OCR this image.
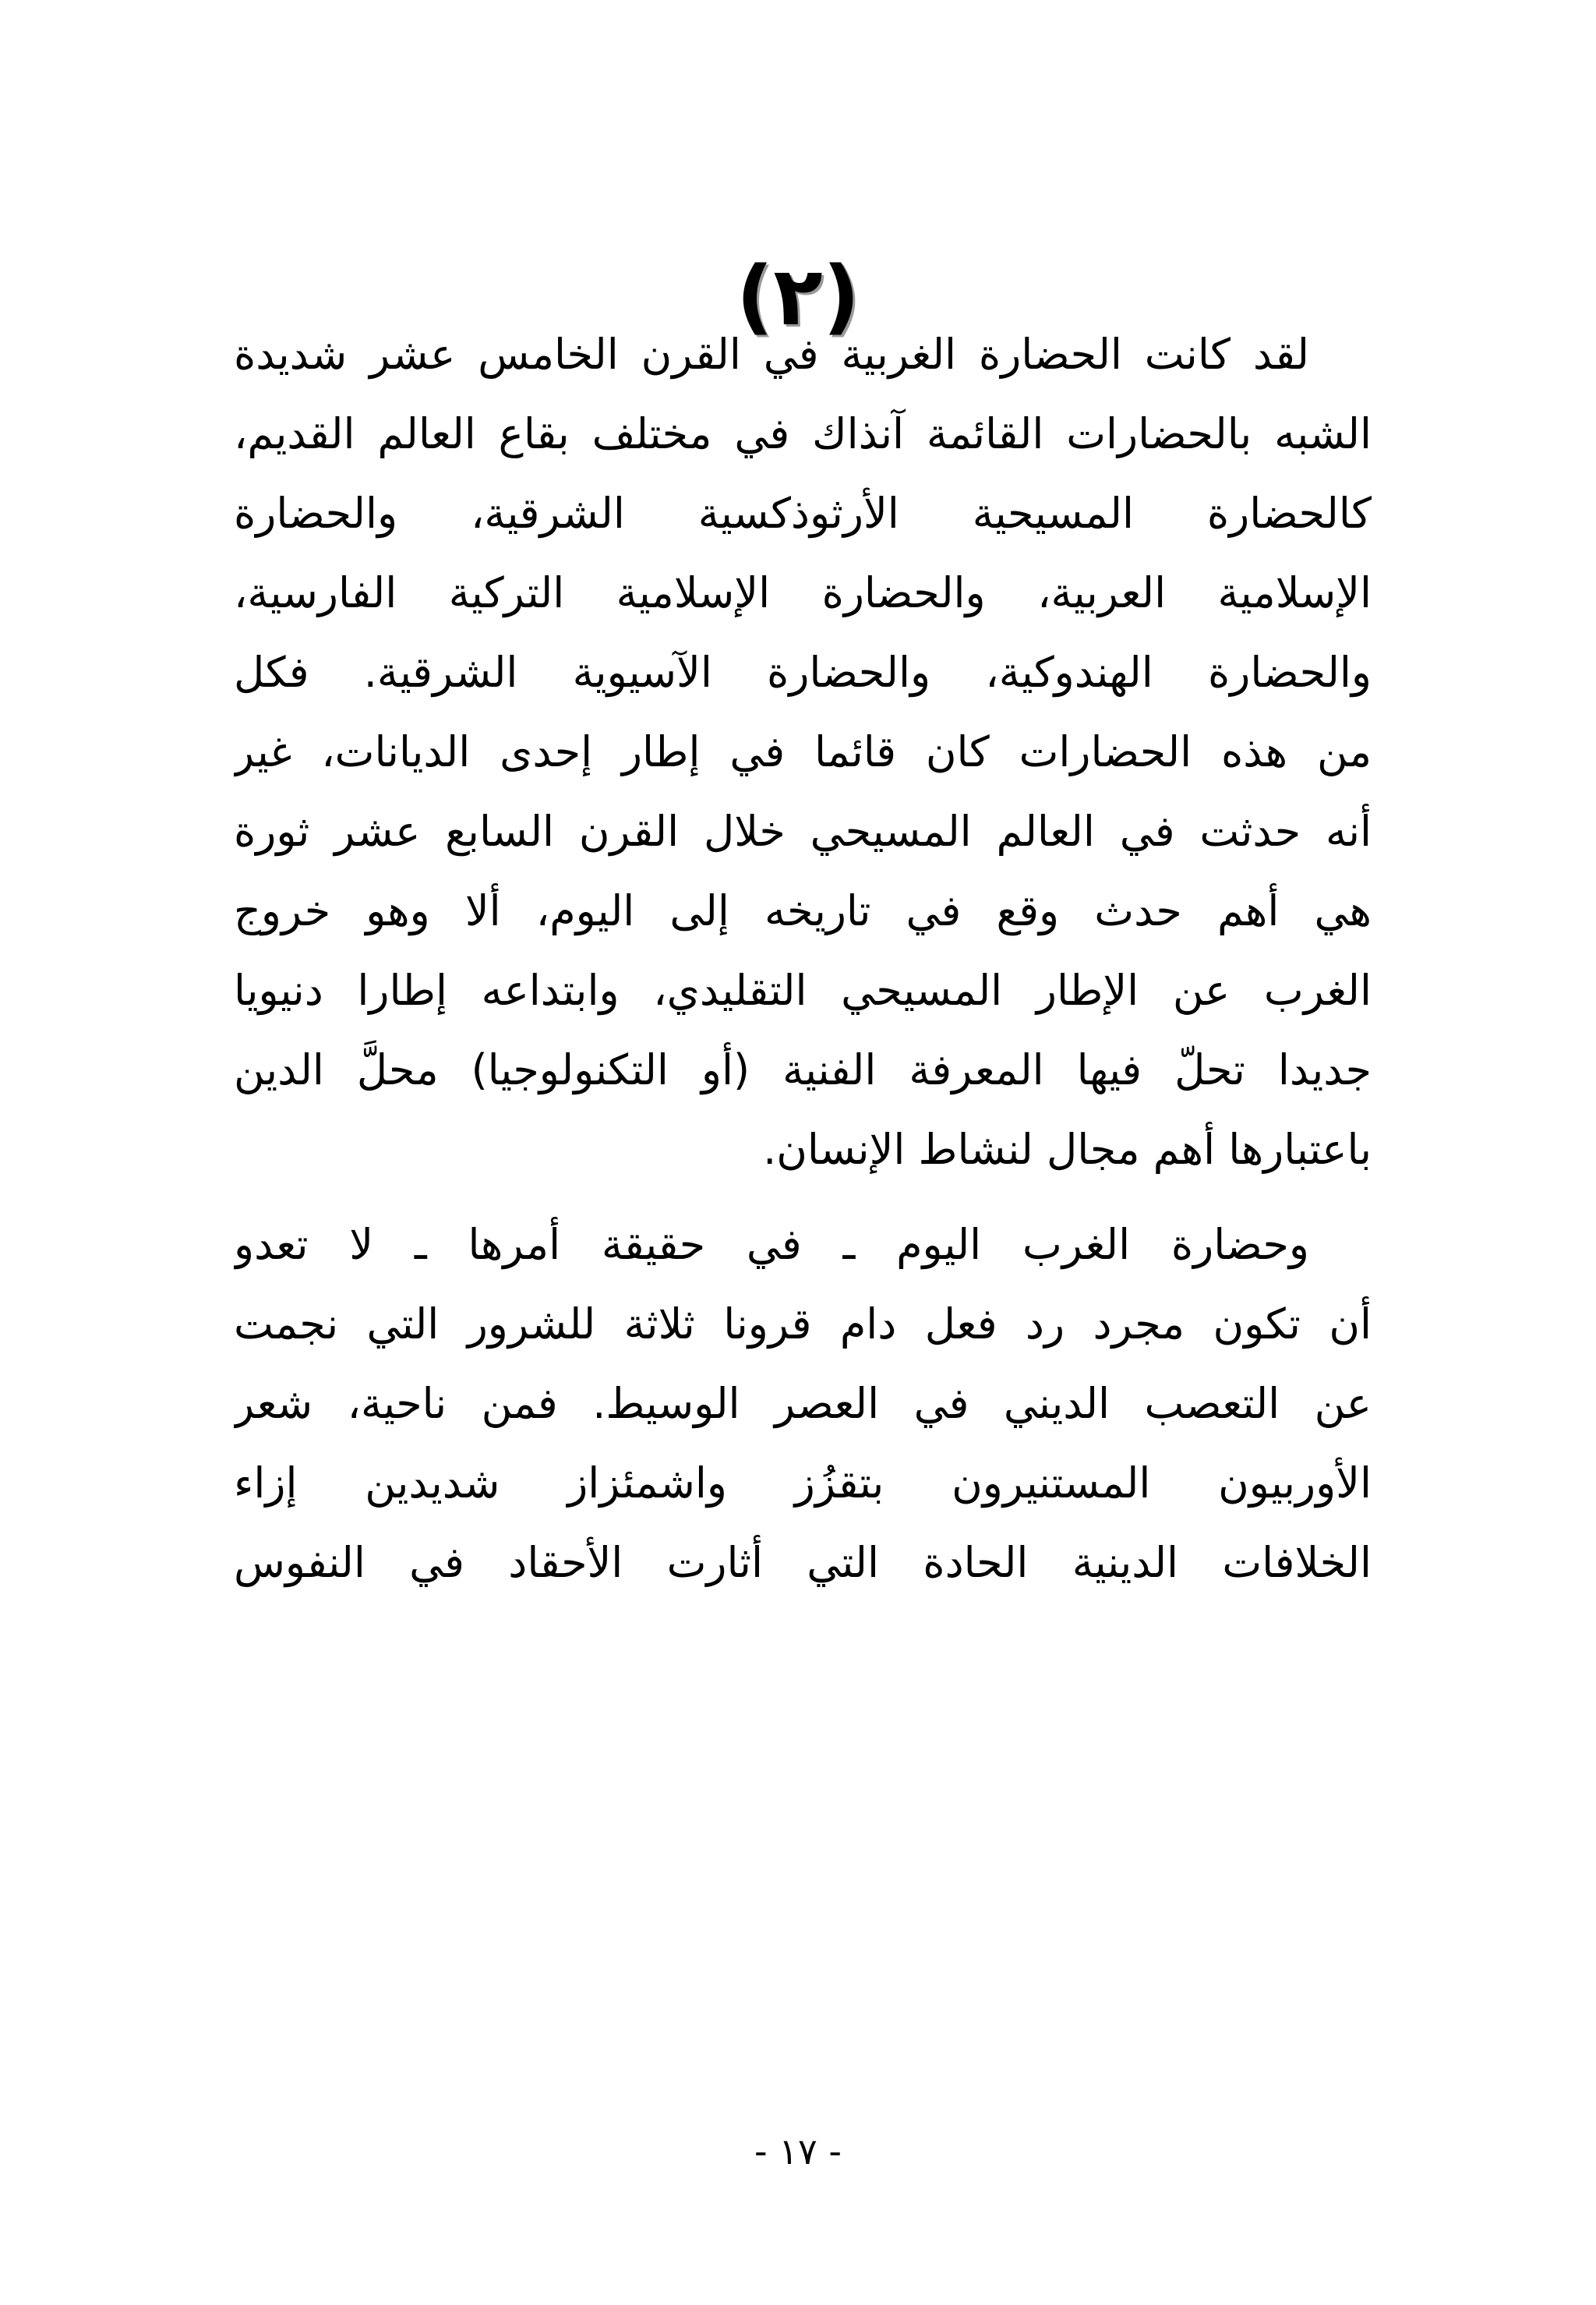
(٢)
لقد كانت الحضارة الغربية في القرن الخامس عشر شديدة
الشبه بالحضارات القائمة آنذاك في مختلف بقاع العالم القديم،
كالحضارة المسيحية الأرثوذكسية الشرقية، والحضارة
الإسلامية العربية، والحضارة الإسلامية التركية الفارسية،
والحضارة الهندوكية، والحضارة الآسيوية الشرقية. فكل
من هذه الحضارات كان قائما في إطار إحدى الديانات، غير
أنه حدثت في العالم المسيحي خلال القرن السابع عشر ثورة
هي أهم حدث وقع في تاريخه إلى اليوم، ألا وهو خروج
الغرب عن الإطار المسيحي التقليدي، وابتداعه إطارا دنيويا
جديدا تحلّ فيها المعرفة الفنية (أو التكنولوجيا) محلَّ الدين
باعتبارها أهم مجال لنشاط الإنسان.
وحضارة الغرب اليوم ـ في حقيقة أمرها ـ لا تعدو
أن تكون مجرد رد فعل دام قرونا ثلاثة للشرور التي نجمت
عن التعصب الديني في العصر الوسيط. فمن ناحية، شعر
الأوربيون المستنيرون بتقزُز واشمئزاز شديدين إزاء
الخلافات الدينية الحادة التي أثارت الأحقاد في النفوس
- ١٧ -
